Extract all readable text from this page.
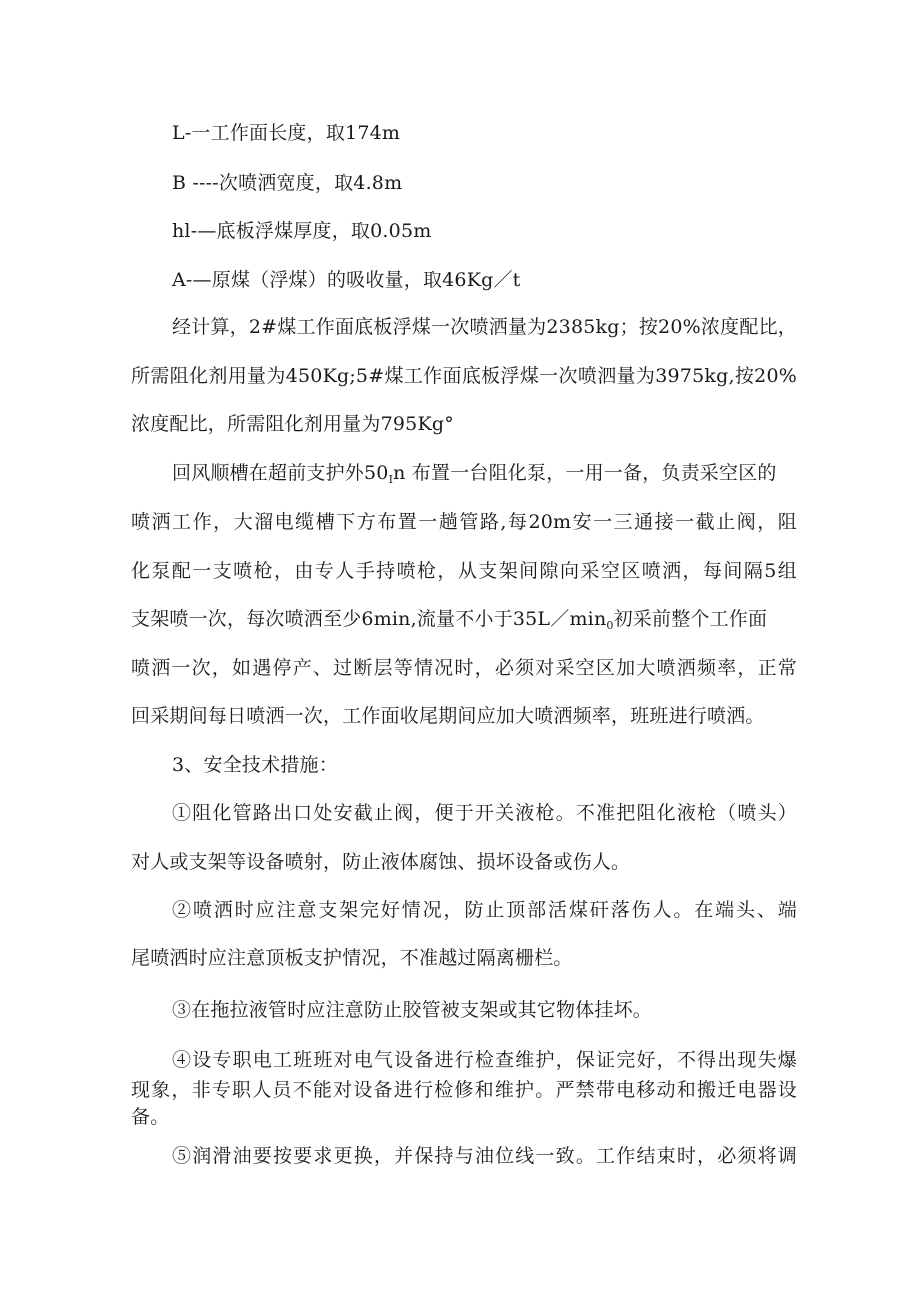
L-一工作面长度，取174m
B ----次喷洒宽度，取4.8m
hl-—底板浮煤厚度，取0.05m
A-—原煤（浮煤）的吸收量，取46Kg／t
经计算，2#煤工作面底板浮煤一次喷洒量为2385kg；按20%浓度配比，
所需阻化剂用量为450Kg;5#煤工作面底板浮煤一次喷泗量为3975kg,按20%
浓度配比，所需阻化剂用量为795Kg°
回风顺槽在超前支护外$50_In$ 布置一台阻化泵，一用一备，负责采空区的
喷洒工作，大溜电缆槽下方布置一趟管路,每20m安一三通接一截止阀，阻
化泵配一支喷枪，由专人手持喷枪，从支架间隙向采空区喷洒，每间隔5组
支架喷一次，每次喷洒至少6min,流量不小于$35L/\min_0$初采前整个工作面
喷洒一次，如遇停产、过断层等情况时，必须对采空区加大喷洒频率，正常
回采期间每日喷洒一次，工作面收尾期间应加大喷洒频率，班班进行喷洒。
3、安全技术措施：
①阻化管路出口处安截止阀，便于开关液枪。不准把阻化液枪（喷头）
对人或支架等设备喷射，防止液体腐蚀、损坏设备或伤人。
②喷洒时应注意支架完好情况，防止顶部活煤矸落伤人。在端头、端
尾喷洒时应注意顶板支护情况，不准越过隔离栅栏。
③在拖拉液管时应注意防止胶管被支架或其它物体挂坏。
④设专职电工班班对电气设备进行检查维护，保证完好，不得出现失爆
现象，非专职人员不能对设备进行检修和维护。严禁带电移动和搬迁电器设
备。
⑤润滑油要按要求更换，并保持与油位线一致。工作结束时，必须将调
